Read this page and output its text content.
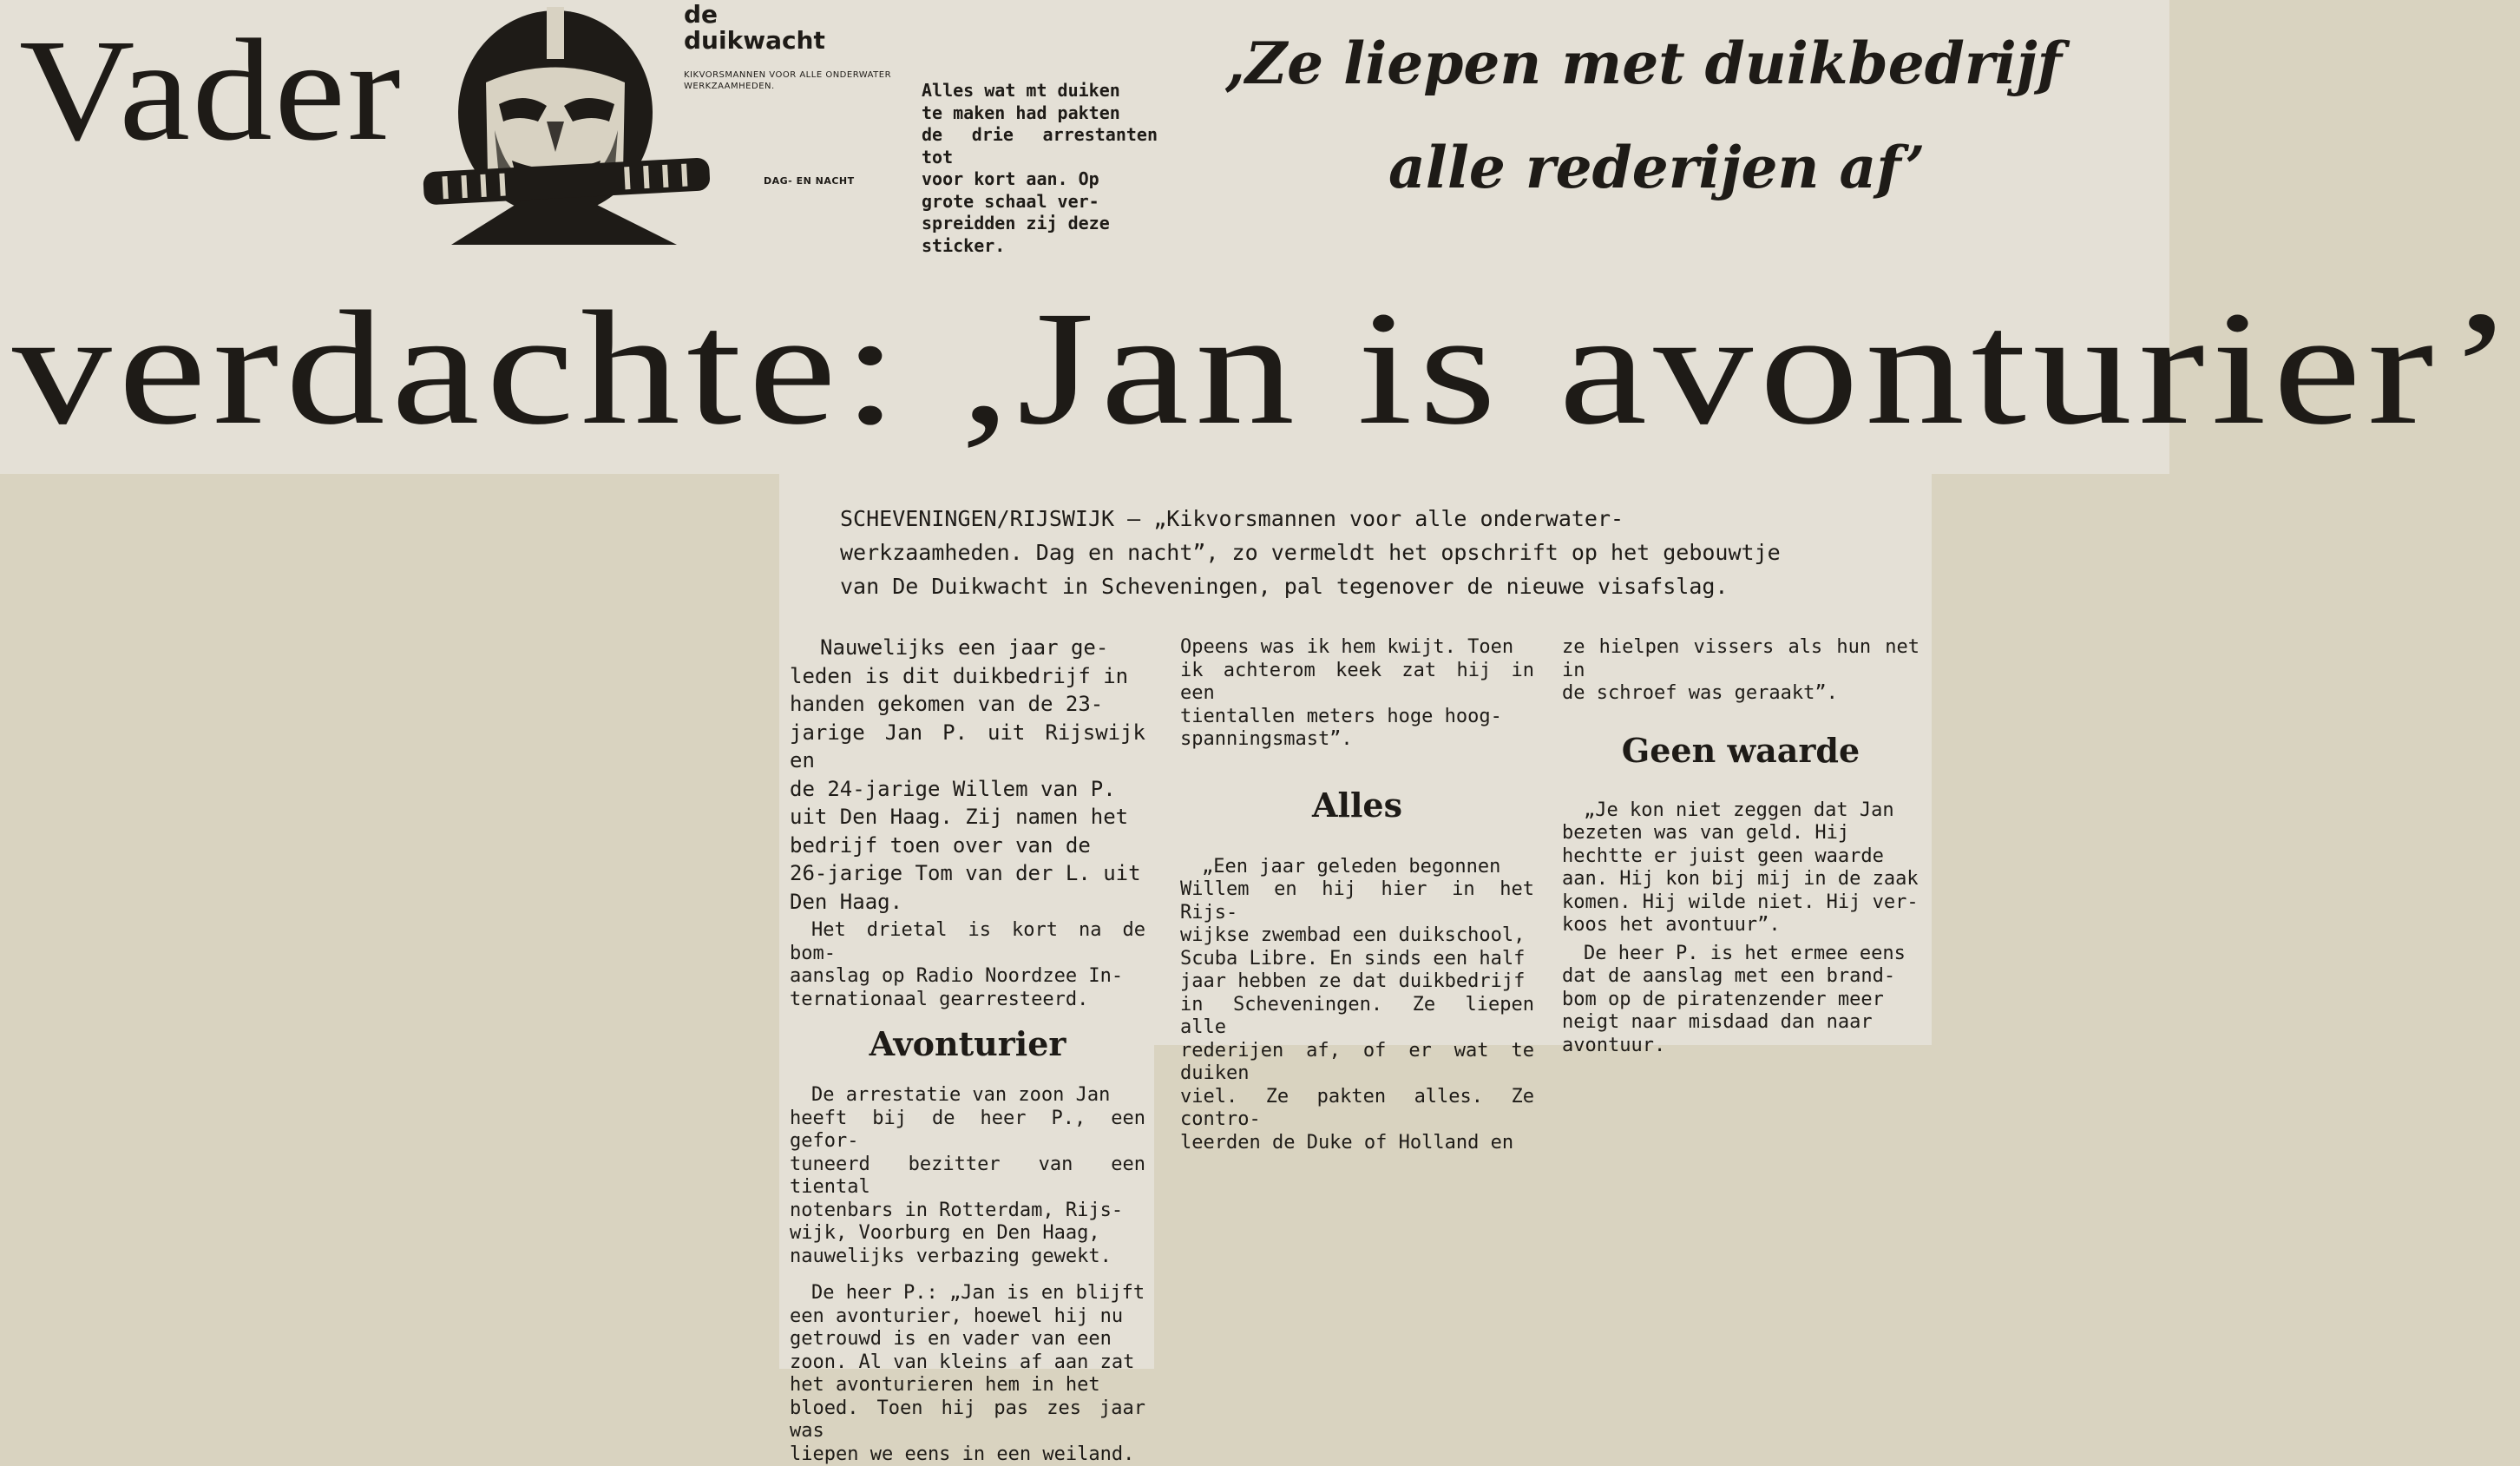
Vader
verdachte: ,Jan is avonturier’
de
duikwacht
KIKVORSMANNEN VOOR ALLE ONDERWATER WERKZAAMHEDEN.
DAG- EN NACHT
Alles wat mt duiken
te maken had pakten
de drie arrestanten tot
voor kort aan. Op
grote schaal ver-
spreidden zij deze
sticker.
,Ze liepen met duikbedrijf
alle rederijen af’

SCHEVENINGEN/RIJSWIJK — „Kikvorsmannen voor alle onderwater-
werkzaamheden. Dag en nacht”, zo vermeldt het opschrift op het gebouwtje
van De Duikwacht in Scheveningen, pal tegenover de nieuwe visafslag.

Nauwelijks een jaar ge-
leden is dit duikbedrijf in
handen gekomen van de 23-
jarige Jan P. uit Rijswijk en
de 24-jarige Willem van P.
uit Den Haag. Zij namen het
bedrijf toen over van de
26-jarige Tom van der L. uit
Den Haag.

Het drietal is kort na de bom-
aanslag op Radio Noordzee In-
ternationaal gearresteerd.

Avonturier

De arrestatie van zoon Jan
heeft bij de heer P., een gefor-
tuneerd bezitter van een tiental
notenbars in Rotterdam, Rijs-
wijk, Voorburg en Den Haag,
nauwelijks verbazing gewekt.

De heer P.: „Jan is en blijft
een avonturier, hoewel hij nu
getrouwd is en vader van een
zoon. Al van kleins af aan zat
het avonturieren hem in het
bloed. Toen hij pas zes jaar was
liepen we eens in een weiland.

Opeens was ik hem kwijt. Toen
ik achterom keek zat hij in een
tientallen meters hoge hoog-
spanningsmast”.

Alles

„Een jaar geleden begonnen
Willem en hij hier in het Rijs-
wijkse zwembad een duikschool,
Scuba Libre. En sinds een half
jaar hebben ze dat duikbedrijf
in Scheveningen. Ze liepen alle
rederijen af, of er wat te duiken
viel. Ze pakten alles. Ze contro-
leerden de Duke of Holland en

ze hielpen vissers als hun net in
de schroef was geraakt”.

Geen waarde

„Je kon niet zeggen dat Jan
bezeten was van geld. Hij
hechtte er juist geen waarde
aan. Hij kon bij mij in de zaak
komen. Hij wilde niet. Hij ver-
koos het avontuur”.

De heer P. is het ermee eens
dat de aanslag met een brand-
bom op de piratenzender meer
neigt naar misdaad dan naar
avontuur.
